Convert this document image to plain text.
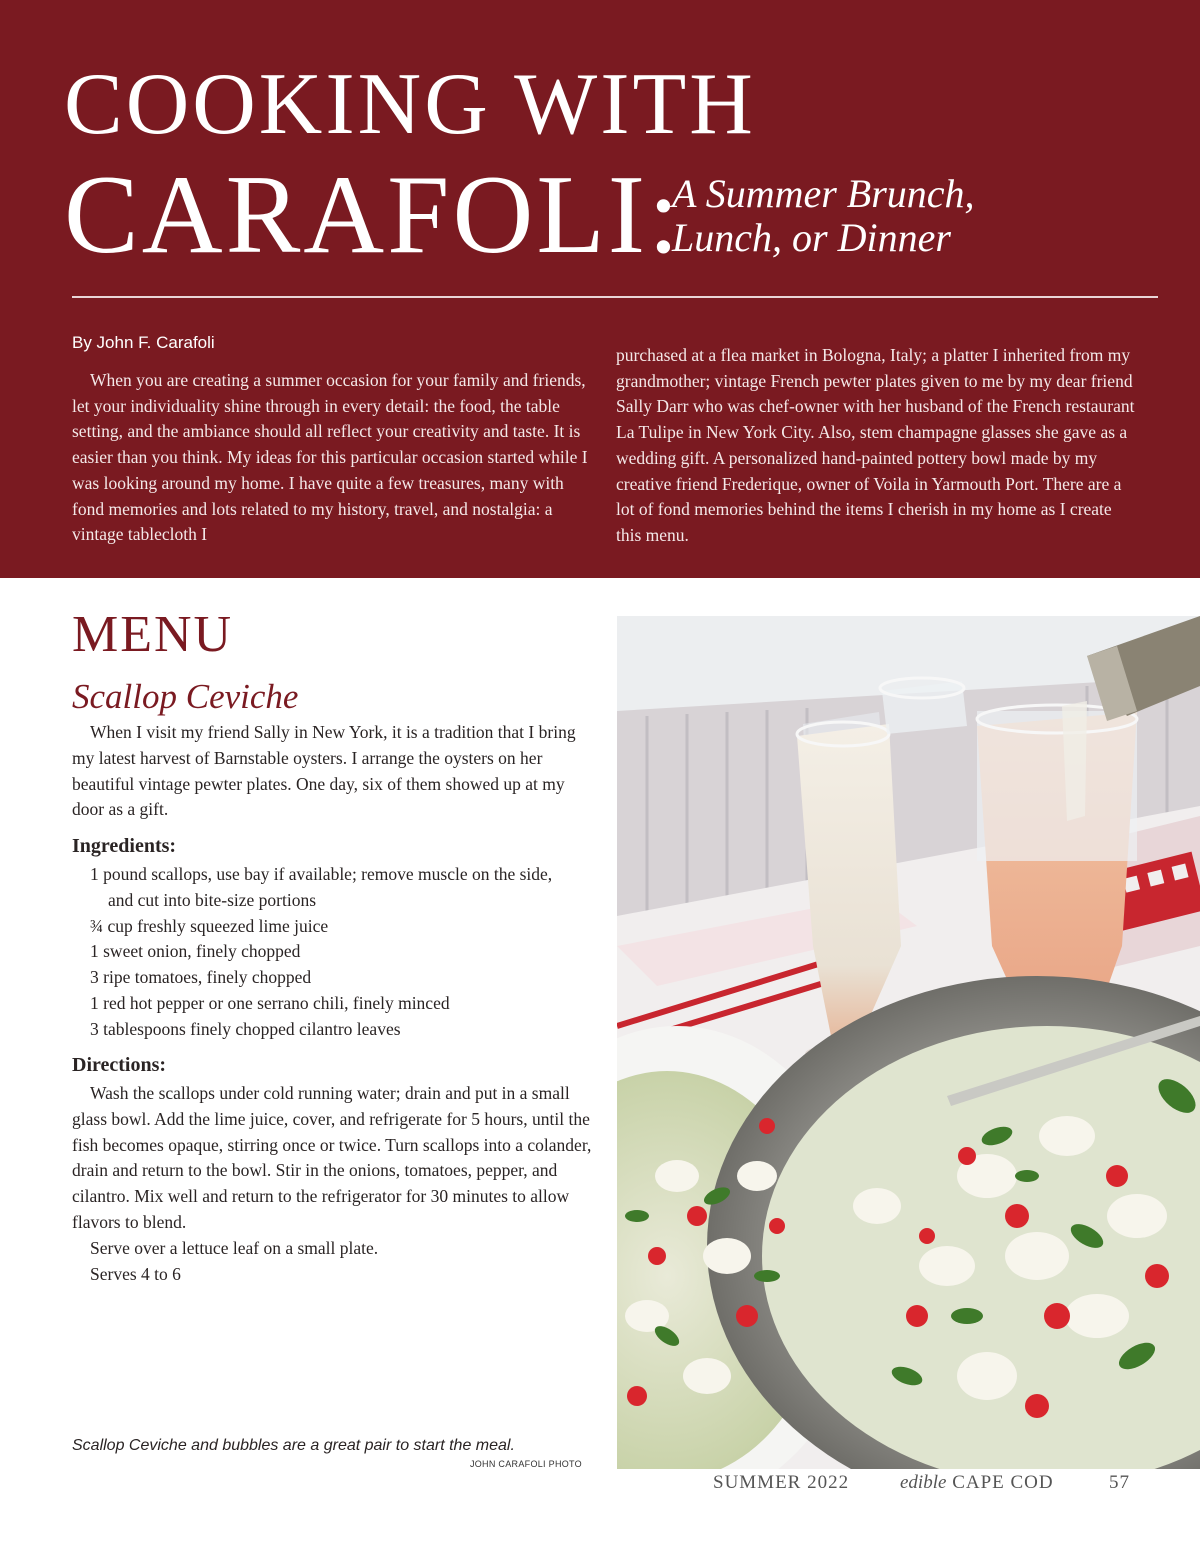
COOKING WITH
CARAFOLI:
A Summer Brunch,
Lunch, or Dinner
By John F. Carafoli

When you are creating a summer occasion for your family and friends, let your individuality shine through in every detail: the food, the table setting, and the ambiance should all reflect your creativity and taste. It is easier than you think. My ideas for this particular occasion started while I was looking around my home. I have quite a few treasures, many with fond memories and lots related to my history, travel, and nostalgia: a vintage tablecloth I

purchased at a flea market in Bologna, Italy; a platter I inherited from my grandmother; vintage French pewter plates given to me by my dear friend Sally Darr who was chef-owner with her husband of the French restaurant La Tulipe in New York City. Also, stem champagne glasses she gave as a wedding gift. A personalized hand-painted pottery bowl made by my creative friend Frederique, owner of Voila in Yarmouth Port. There are a lot of fond memories behind the items I cherish in my home as I create this menu.

MENU
Scallop Ceviche

When I visit my friend Sally in New York, it is a tradition that I bring my latest harvest of Barnstable oysters. I arrange the oysters on her beautiful vintage pewter plates. One day, six of them showed up at my door as a gift.

Ingredients:
1 pound scallops, use bay if available; remove muscle on the side, and cut into bite-size portions
¾ cup freshly squeezed lime juice
1 sweet onion, finely chopped
3 ripe tomatoes, finely chopped
1 red hot pepper or one serrano chili, finely minced
3 tablespoons finely chopped cilantro leaves
Directions:

Wash the scallops under cold running water; drain and put in a small glass bowl. Add the lime juice, cover, and refrigerate for 5 hours, until the fish becomes opaque, stirring once or twice. Turn scallops into a colander, drain and return to the bowl. Stir in the onions, tomatoes, pepper, and cilantro. Mix well and return to the refrigerator for 30 minutes to allow flavors to blend.

Serve over a lettuce leaf on a small plate.

Serves 4 to 6

Scallop Ceviche and bubbles are a great pair to start the meal.
JOHN CARAFOLI PHOTO
SUMMER 2022	edible CAPE COD	57
